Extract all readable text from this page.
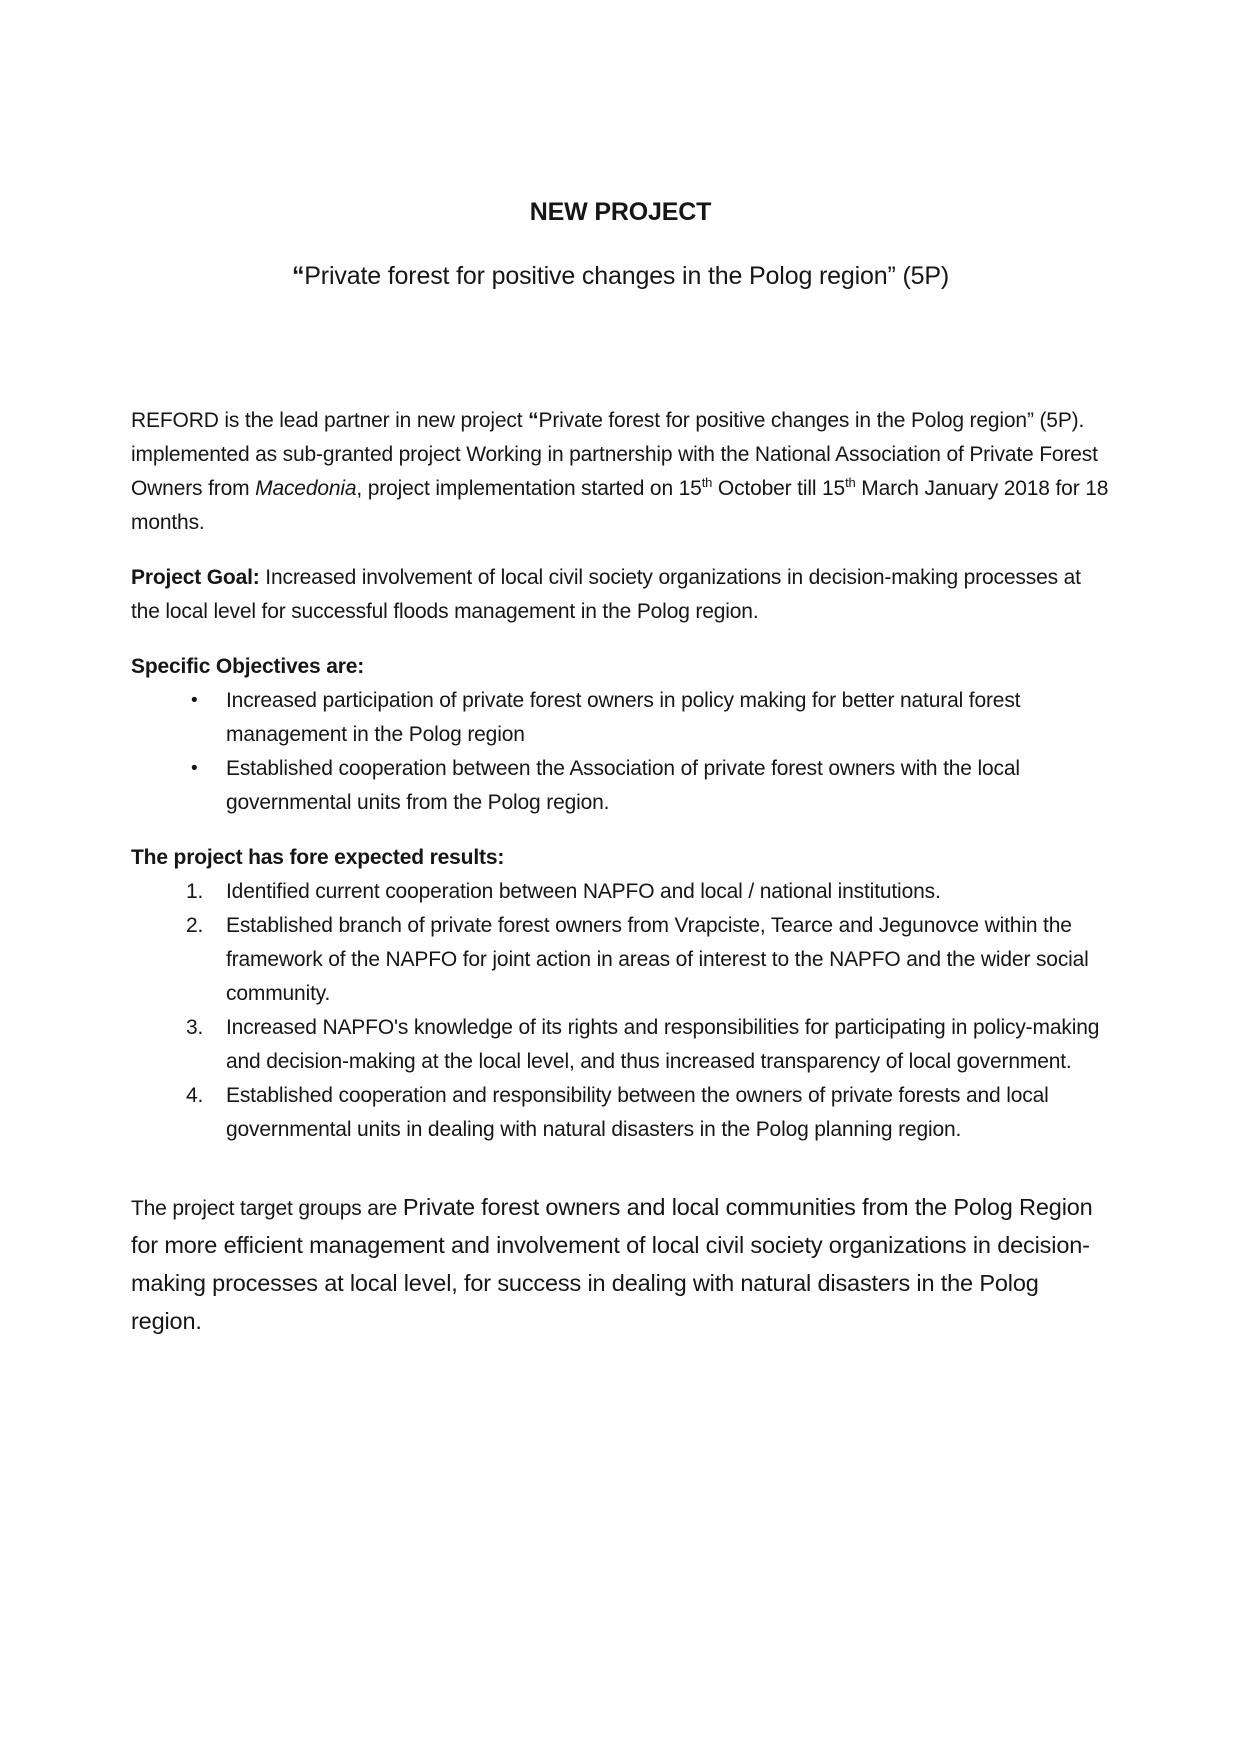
NEW PROJECT
“Private forest for positive changes in the Polog region” (5P)

REFORD is the lead partner in new project “Private forest for positive changes in the Polog region” (5P). implemented as sub-granted project Working in partnership with the National Association of Private Forest Owners from Macedonia, project implementation started on 15th October till 15th March January 2018 for 18 months.

Project Goal: Increased involvement of local civil society organizations in decision-making processes at the local level for successful floods management in the Polog region.

Specific Objectives are:

•	Increased participation of private forest owners in policy making for better natural forest management in the Polog region
•	Established cooperation between the Association of private forest owners with the local governmental units from the Polog region.

The project has fore expected results:

1.	Identified current cooperation between NAPFO and local / national institutions.
2.	Established branch of private forest owners from Vrapciste, Tearce and Jegunovce within the framework of the NAPFO for joint action in areas of interest to the NAPFO and the wider social community.
3.	Increased NAPFO's knowledge of its rights and responsibilities for participating in policy-making and decision-making at the local level, and thus increased transparency of local government.
4.	Established cooperation and responsibility between the owners of private forests and local governmental units in dealing with natural disasters in the Polog planning region.

The project target groups are Private forest owners and local communities from the Polog Region for more efficient management and involvement of local civil society organizations in decision-making processes at local level, for success in dealing with natural disasters in the Polog region.
